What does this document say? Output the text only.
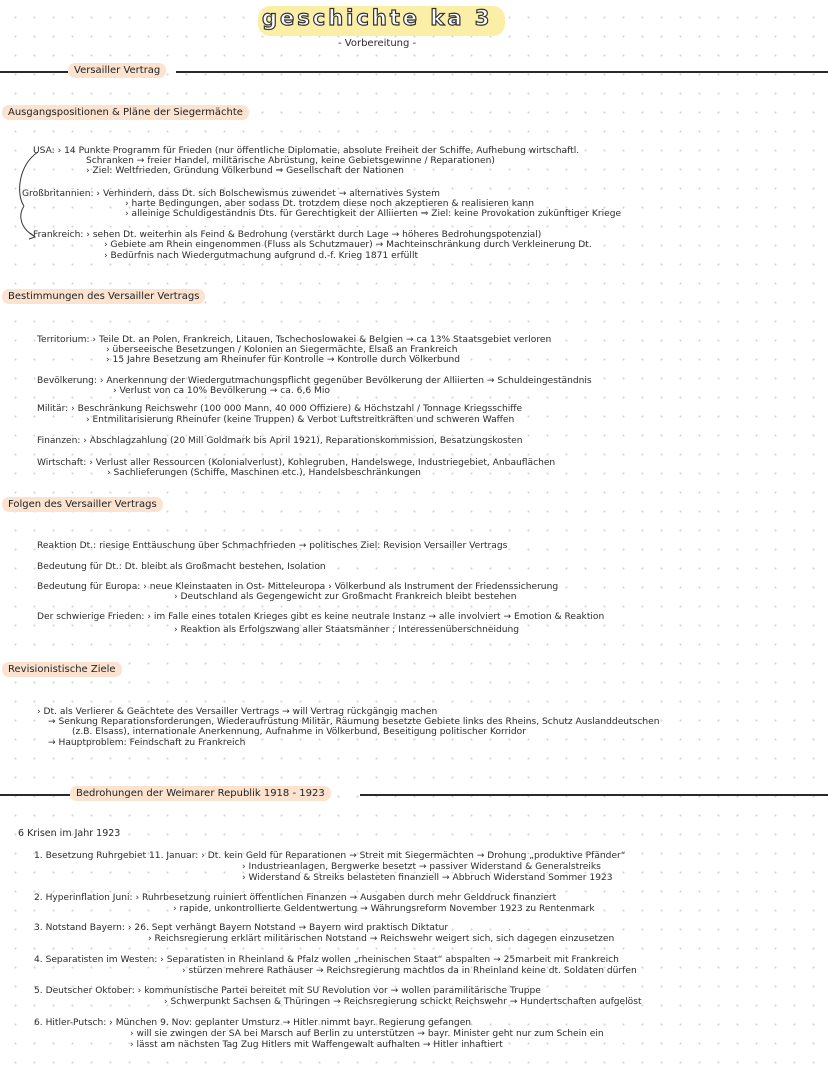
geschichte ka 3
- Vorbereitung -
Versailler Vertrag
Ausgangspositionen & Pläne der Siegermächte
USA: › 14 Punkte Programm für Frieden (nur öffentliche Diplomatie, absolute Freiheit der Schiffe, Aufhebung wirtschaftl.
Schranken → freier Handel, militärische Abrüstung, keine Gebietsgewinne / Reparationen)
› Ziel: Weltfrieden, Gründung Völkerbund ⇒ Gesellschaft der Nationen
Großbritannien: › Verhindern, dass Dt. sich Bolschewismus zuwendet → alternatives System
› harte Bedingungen, aber sodass Dt. trotzdem diese noch akzeptieren & realisieren kann
› alleinige Schuldigeständnis Dts. für Gerechtigkeit der Alliierten ⇒ Ziel: keine Provokation zukünftiger Kriege
Frankreich: › sehen Dt. weiterhin als Feind & Bedrohung (verstärkt durch Lage → höheres Bedrohungspotenzial)
› Gebiete am Rhein eingenommen (Fluss als Schutzmauer) → Machteinschränkung durch Verkleinerung Dt.
› Bedürfnis nach Wiedergutmachung aufgrund d.-f. Krieg 1871 erfüllt
Bestimmungen des Versailler Vertrags
Territorium: › Teile Dt. an Polen, Frankreich, Litauen, Tschechoslowakei & Belgien → ca 13% Staatsgebiet verloren
› überseeische Besetzungen / Kolonien an Siegermächte, Elsaß an Frankreich
› 15 Jahre Besetzung am Rheinufer für Kontrolle → Kontrolle durch Völkerbund
Bevölkerung: › Anerkennung der Wiedergutmachungspflicht gegenüber Bevölkerung der Alliierten → Schuldeingeständnis
› Verlust von ca 10% Bevölkerung → ca. 6,6 Mio
Militär: › Beschränkung Reichswehr (100 000 Mann, 40 000 Offiziere) & Höchstzahl / Tonnage Kriegsschiffe
› Entmilitarisierung Rheinufer (keine Truppen) & Verbot Luftstreitkräften und schweren Waffen
Finanzen: › Abschlagzahlung (20 Mill Goldmark bis April 1921), Reparationskommission, Besatzungskosten
Wirtschaft: › Verlust aller Ressourcen (Kolonialverlust), Kohlegruben, Handelswege, Industriegebiet, Anbauflächen
› Sachlieferungen (Schiffe, Maschinen etc.), Handelsbeschränkungen
Folgen des Versailler Vertrags
Reaktion Dt.: riesige Enttäuschung über Schmachfrieden → politisches Ziel: Revision Versailler Vertrags
Bedeutung für Dt.: Dt. bleibt als Großmacht bestehen, Isolation
Bedeutung für Europa: › neue Kleinstaaten in Ost- Mitteleuropa › Völkerbund als Instrument der Friedenssicherung
› Deutschland als Gegengewicht zur Großmacht Frankreich bleibt bestehen
Der schwierige Frieden: › im Falle eines totalen Krieges gibt es keine neutrale Instanz → alle involviert → Emotion & Reaktion
› Reaktion als Erfolgszwang aller Staatsmänner ; Interessenüberschneidung
Revisionistische Ziele
› Dt. als Verlierer & Geächtete des Versailler Vertrags → will Vertrag rückgängig machen
→ Senkung Reparationsforderungen, Wiederaufrüstung Militär, Räumung besetzte Gebiete links des Rheins, Schutz Auslanddeutschen
(z.B. Elsass), internationale Anerkennung, Aufnahme in Völkerbund, Beseitigung politischer Korridor
→ Hauptproblem: Feindschaft zu Frankreich
Bedrohungen der Weimarer Republik 1918 - 1923
6 Krisen im Jahr 1923
1. Besetzung Ruhrgebiet 11. Januar: › Dt. kein Geld für Reparationen → Streit mit Siegermächten → Drohung „produktive Pfänder“
› Industrieanlagen, Bergwerke besetzt → passiver Widerstand & Generalstreiks
› Widerstand & Streiks belasteten finanziell → Abbruch Widerstand Sommer 1923
2. Hyperinflation Juni: › Ruhrbesetzung ruiniert öffentlichen Finanzen → Ausgaben durch mehr Gelddruck finanziert
› rapide, unkontrollierte Geldentwertung → Währungsreform November 1923 zu Rentenmark
3. Notstand Bayern: › 26. Sept verhängt Bayern Notstand → Bayern wird praktisch Diktatur
› Reichsregierung erklärt militärischen Notstand → Reichswehr weigert sich, sich dagegen einzusetzen
4. Separatisten im Westen: › Separatisten in Rheinland & Pfalz wollen „rheinischen Staat“ abspalten → 25marbeit mit Frankreich
› stürzen mehrere Rathäuser → Reichsregierung machtlos da in Rheinland keine dt. Soldaten dürfen
5. Deutscher Oktober: › kommunistische Partei bereitet mit SU Revolution vor → wollen paramilitärische Truppe
› Schwerpunkt Sachsen & Thüringen → Reichsregierung schickt Reichswehr → Hundertschaften aufgelöst
6. Hitler-Putsch: › München 9. Nov: geplanter Umsturz → Hitler nimmt bayr. Regierung gefangen
› will sie zwingen der SA bei Marsch auf Berlin zu unterstützen → bayr. Minister geht nur zum Schein ein
› lässt am nächsten Tag Zug Hitlers mit Waffengewalt aufhalten → Hitler inhaftiert
